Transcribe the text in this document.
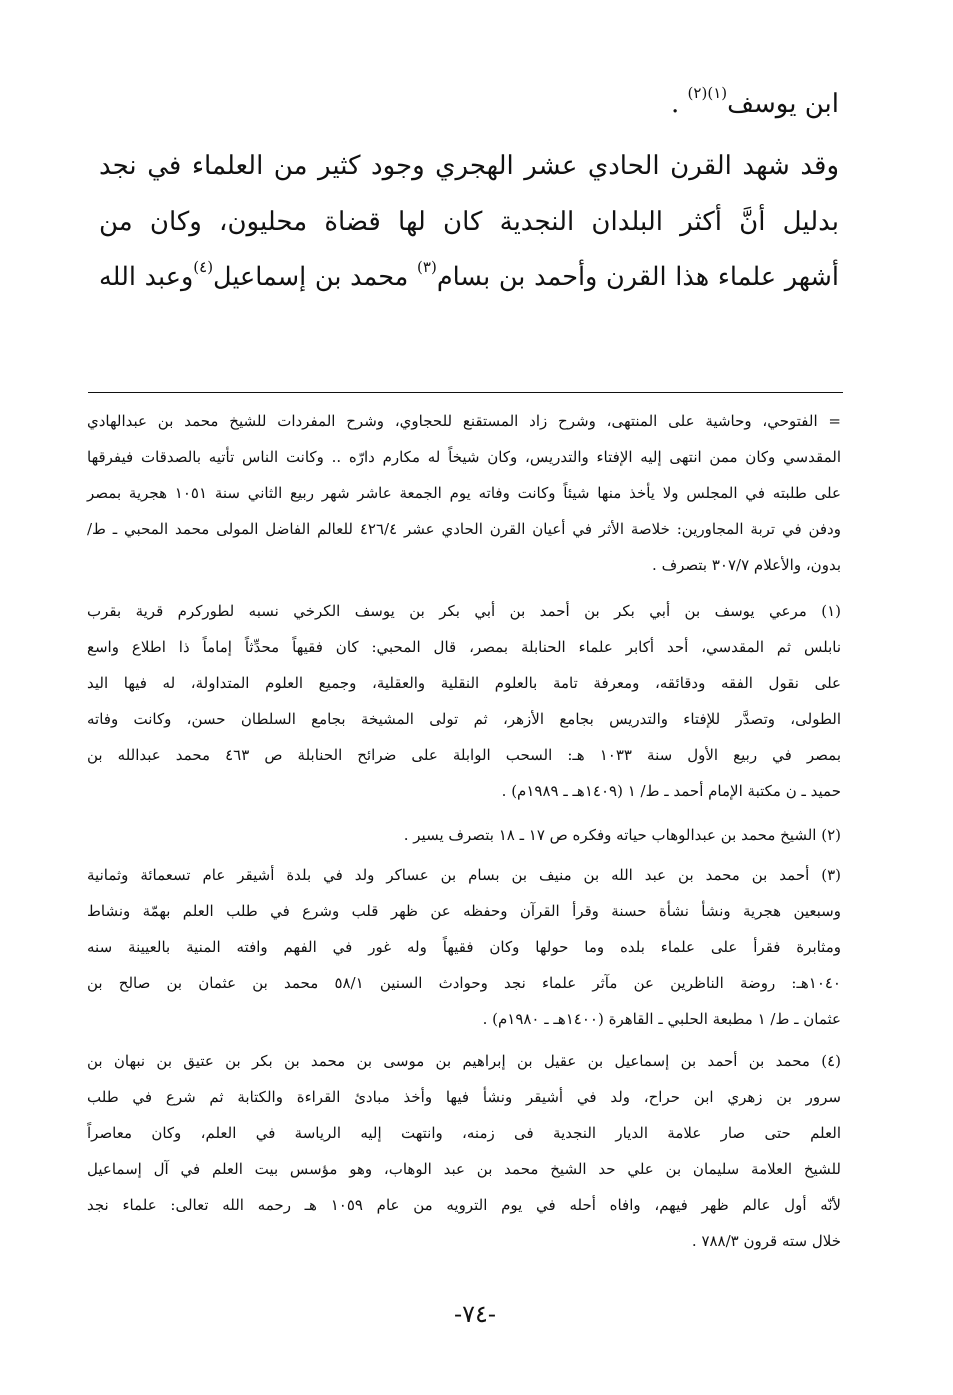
ابن يوسف$^{(١)(٢)}$ .
وقد شهد القرن الحادي عشر الهجري وجود كثير من العلماء في نجد
بدليل أنَّ أكثر البلدان النجدية كان لها قضاة محليون، وكان من
أشهر علماء هذا القرن وأحمد بن بسام$^{(٣)}$ محمد بن إسماعيل$^{(٤)}$وعبد الله
= الفتوحي، وحاشية على المنتهى، وشرح زاد المستقنع للحجاوي، وشرح المفردات للشيخ محمد بن عبدالهادي
المقدسي وكان ممن انتهى إليه الإفتاء والتدريس، وكان شيخاً له مكارم دارّه .. وكانت الناس تأتيه بالصدقات فيفرقها
على طلبته في المجلس ولا يأخذ منها شيئاً وكانت وفاته يوم الجمعة عاشر شهر ربيع الثاني سنة ١٠٥١ هجرية بمصر
ودفن في تربة المجاورين: خلاصة الأثر في أعيان القرن الحادي عشر ٤٢٦/٤ للعالم الفاضل المولى محمد المحبي ـ ط/
بدون، والأعلام ٣٠٧/٧ بتصرف .
(١) مرعي يوسف بن أبي بكر بن أحمد بن أبي بكر بن يوسف الكرخي نسبه لطوركرم قرية بقرب
نابلس ثم المقدسي، أحد أكابر علماء الحنابلة بمصر، قال المحبي: كان فقيهاً محدِّثاً إماماً ذا اطلاع واسع
على نقول الفقه ودقائقه، ومعرفة تامة بالعلوم النقلية والعقلية، وجميع العلوم المتداولة، له فيها اليد
الطولى، وتصدَّر للإفتاء والتدريس بجامع الأزهر، ثم تولى المشيخة بجامع السلطان حسن، وكانت وفاته
بمصر في ربيع الأول سنة ١٠٣٣ هـ: السحب الوابلة على ضرائح الحنابلة ص ٤٦٣ محمد عبدالله بن
حميد ـ ن مكتبة الإمام أحمد ـ ط/ ١ (١٤٠٩هـ ـ ١٩٨٩م) .
(٢) الشيخ محمد بن عبدالوهاب حياته وفكره ص ١٧ ـ ١٨ بتصرف يسير .
(٣) أحمد بن محمد بن عبد الله بن منيف بن بسام بن عساكر ولد في بلدة أشيقر عام تسعمائة وثمانية
وسبعين هجرية ونشأ نشأة حسنة وقرأ القرآن وحفظه عن ظهر قلب وشرع في طلب العلم بهمّة ونشاط
ومثابرة فقرأ على علماء بلده وما حولها وكان فقيهاً وله غور في الفهم وافته المنية بالعيينة سنه
١٠٤٠هـ: روضة الناظرين عن مآثر علماء نجد وحوادث السنين ٥٨/١ محمد بن عثمان بن صالح بن
عثمان ـ ط/ ١ مطبعة الحلبي ـ القاهرة (١٤٠٠هـ ـ ١٩٨٠م) .
(٤) محمد بن أحمد بن إسماعيل بن عقيل بن إبراهيم بن موسى بن محمد بن بكر بن عتيق بن نبهان بن
سرور بن زهري ابن حراح، ولد في أشيقر ونشأ فيها وأخذ مبادئ القراءة والكتابة ثم شرع في طلب
العلم حتى صار علامة الديار النجدية فى زمنه، وانتهت إليه الرياسة في العلم، وكان معاصراً
للشيخ العلامة سليمان بن علي حد الشيخ محمد بن عبد الوهاب، وهو مؤسس بيت العلم في آل إسماعيل
لأنّه أول عالم ظهر فيهم، وافاه أحله في يوم الترويه من عام ١٠٥٩ هـ رحمه الله تعالى: علماء نجد
خلال سته قرون ٧٨٨/٣ .
-٧٤-
